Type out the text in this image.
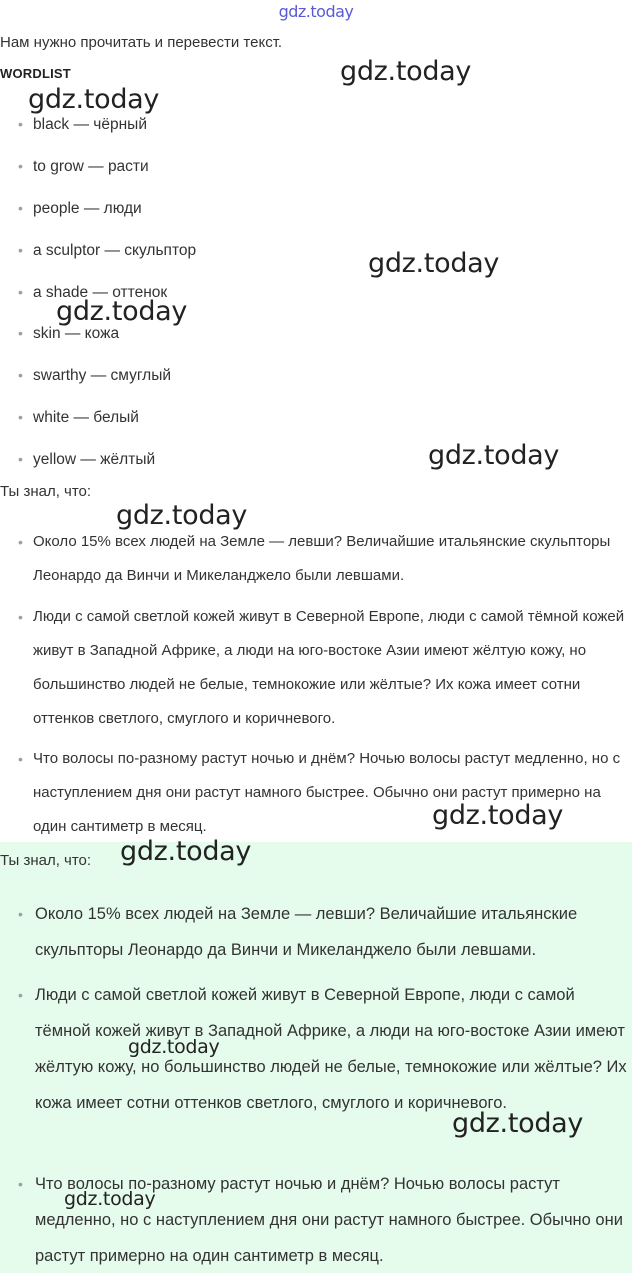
gdz.today
Нам нужно прочитать и перевести текст.
WORDLIST
• black — чёрный
• to grow — расти
• people — люди
• a sculptor — скульптор
• a shade — оттенок
• skin — кожа
• swarthy — смуглый
• white — белый
• yellow — жёлтый
Ты знал, что:
• Около 15% всех людей на Земле — левши? Величайшие итальянские скульпторы Леонардо да Винчи и Микеланджело были левшами.
• Люди с самой светлой кожей живут в Северной Европе, люди с самой тёмной кожей живут в Западной Африке, а люди на юго-востоке Азии имеют жёлтую кожу, но большинство людей не белые, темнокожие или жёлтые? Их кожа имеет сотни оттенков светлого, смуглого и коричневого.
• Что волосы по-разному растут ночью и днём? Ночью волосы растут медленно, но с наступлением дня они растут намного быстрее. Обычно они растут примерно на один сантиметр в месяц.
Ты знал, что:
• Около 15% всех людей на Земле — левши? Величайшие итальянские скульпторы Леонардо да Винчи и Микеланджело были левшами.
• Люди с самой светлой кожей живут в Северной Европе, люди с самой тёмной кожей живут в Западной Африке, а люди на юго-востоке Азии имеют жёлтую кожу, но большинство людей не белые, темнокожие или жёлтые? Их кожа имеет сотни оттенков светлого, смуглого и коричневого.
• Что волосы по-разному растут ночью и днём? Ночью волосы растут медленно, но с наступлением дня они растут намного быстрее. Обычно они растут примерно на один сантиметр в месяц.
gdz.today
gdz.today
gdz.today
gdz.today
gdz.today
gdz.today
gdz.today
gdz.today
gdz.today
gdz.today
gdz.today
